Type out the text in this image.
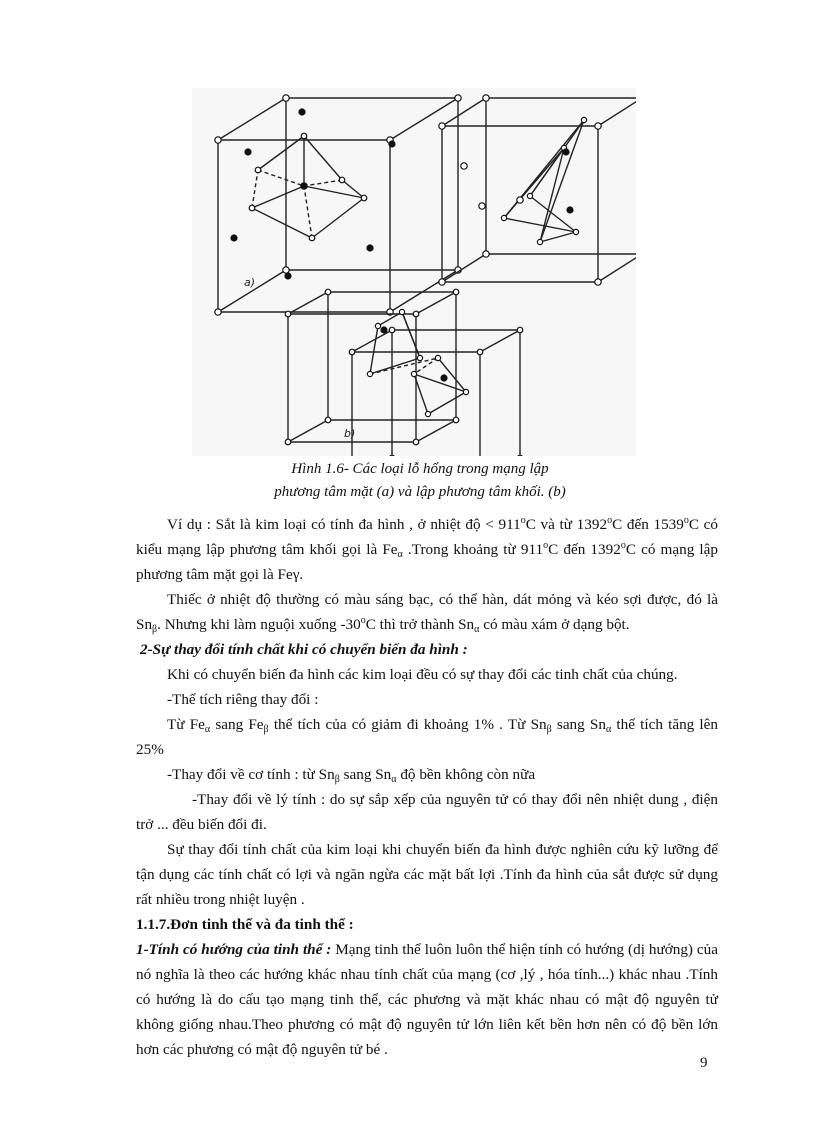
a)
b)
Hình 1.6- Các loại lỗ hổng trong mạng lập
phương tâm mặt (a) và lập phương tâm khối. (b)

Ví dụ : Sắt là kim loại có tính đa hình , ở nhiệt độ < $911^oC$ và từ 1392$^o$C đến 1539$^o$C có kiểu mạng lập phương tâm khối gọi là $Fe_\alpha$ .Trong khoảng từ 911$^o$C đến 1392$^o$C có mạng lập phương tâm mặt gọi là Feγ.

Thiếc ở nhiệt độ thường có màu sáng bạc, có thể hàn, dát mỏng và kéo sợi được, đó là $Sn_\beta$. Nhưng khi làm nguội xuống -30$^o$C thì trở thành $Sn_\alpha$ có màu xám ở dạng bột.

2-Sự thay đổi tính chất khi có chuyển biến đa hình :

Khi có chuyển biến đa hình các kim loại đều có sự thay đổi các tinh chất của chúng.

-Thể tích riêng thay đổi :

Từ $Fe_\alpha$ sang $Fe_\beta$ thể tích của có giảm đi khoảng 1% . Từ $Sn_\beta$ sang $Sn_\alpha$ thể tích tăng lên 25%

-Thay đổi về cơ tính : từ $Sn_\beta$ sang $Sn_\alpha$ độ bền không còn nữa

-Thay đổi về lý tính : do sự sắp xếp của nguyên tử có thay đổi nên nhiệt dung , điện trở ... đều biến đổi đi.

Sự thay đổi tính chất của kim loại khi chuyển biến đa hình được nghiên cứu kỹ lưỡng để tận dụng các tính chất có lợi và ngăn ngừa các mặt bất lợi .Tính đa hình của sắt được sử dụng rất nhiều trong nhiệt luyện .

1.1.7.Đơn tinh thể và đa tinh thể :

1-Tính có hướng của tinh thể : Mạng tinh thể luôn luôn thể hiện tính có hướng (dị hướng) của nó nghĩa là theo các hướng khác nhau tính chất của mạng (cơ ,lý , hóa tính...) khác nhau .Tính có hướng là do cấu tạo mạng tinh thể, các phương và mặt khác nhau có mật độ nguyên tử không giống nhau.Theo phương có mật độ nguyên tử lớn liên kết bền hơn nên có độ bền lớn hơn các phương có mật độ nguyên tử bé .

9
